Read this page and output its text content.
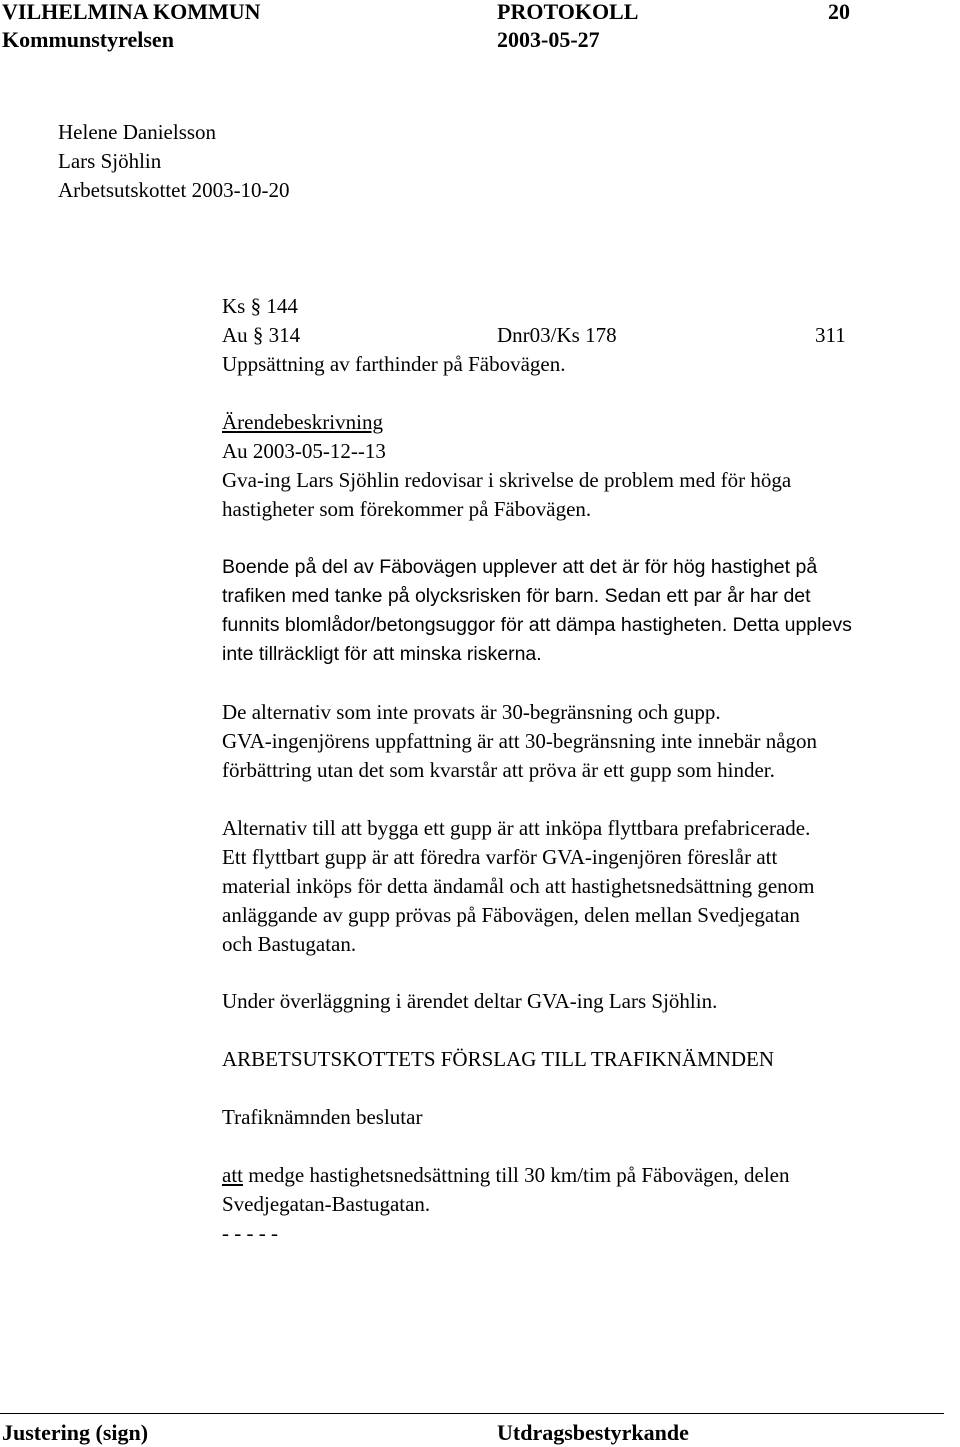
VILHELMINA KOMMUN	PROTOKOLL	20
Kommunstyrelsen	2003-05-27
Helene Danielsson
Lars Sjöhlin
Arbetsutskottet 2003-10-20
Ks § 144
Au § 314	Dnr03/Ks 178	311
Uppsättning av farthinder på Fäbovägen.
Ärendebeskrivning
Au 2003-05-12--13
Gva-ing Lars Sjöhlin redovisar i skrivelse de problem med för höga
hastigheter som förekommer på Fäbovägen.
Boende på del av Fäbovägen upplever att det är för hög hastighet på
trafiken med tanke på olycksrisken för barn. Sedan ett par år har det
funnits blomlådor/betongsuggor för att dämpa hastigheten. Detta upplevs
inte tillräckligt för att minska riskerna.
De alternativ som inte provats är 30-begränsning och gupp.
GVA-ingenjörens uppfattning är att 30-begränsning inte innebär någon
förbättring utan det som kvarstår att pröva är ett gupp som hinder.
Alternativ till att bygga ett gupp är att inköpa flyttbara prefabricerade.
Ett flyttbart gupp är att föredra varför GVA-ingenjören föreslår att
material inköps för detta ändamål och att hastighetsnedsättning genom
anläggande av gupp prövas på Fäbovägen, delen mellan Svedjegatan
och Bastugatan.
Under överläggning i ärendet deltar GVA-ing Lars Sjöhlin.
ARBETSUTSKOTTETS FÖRSLAG TILL TRAFIKNÄMNDEN
Trafiknämnden beslutar
att medge hastighetsnedsättning till 30 km/tim på Fäbovägen, delen
Svedjegatan-Bastugatan.
- - - - -
Justering (sign)	Utdragsbestyrkande
